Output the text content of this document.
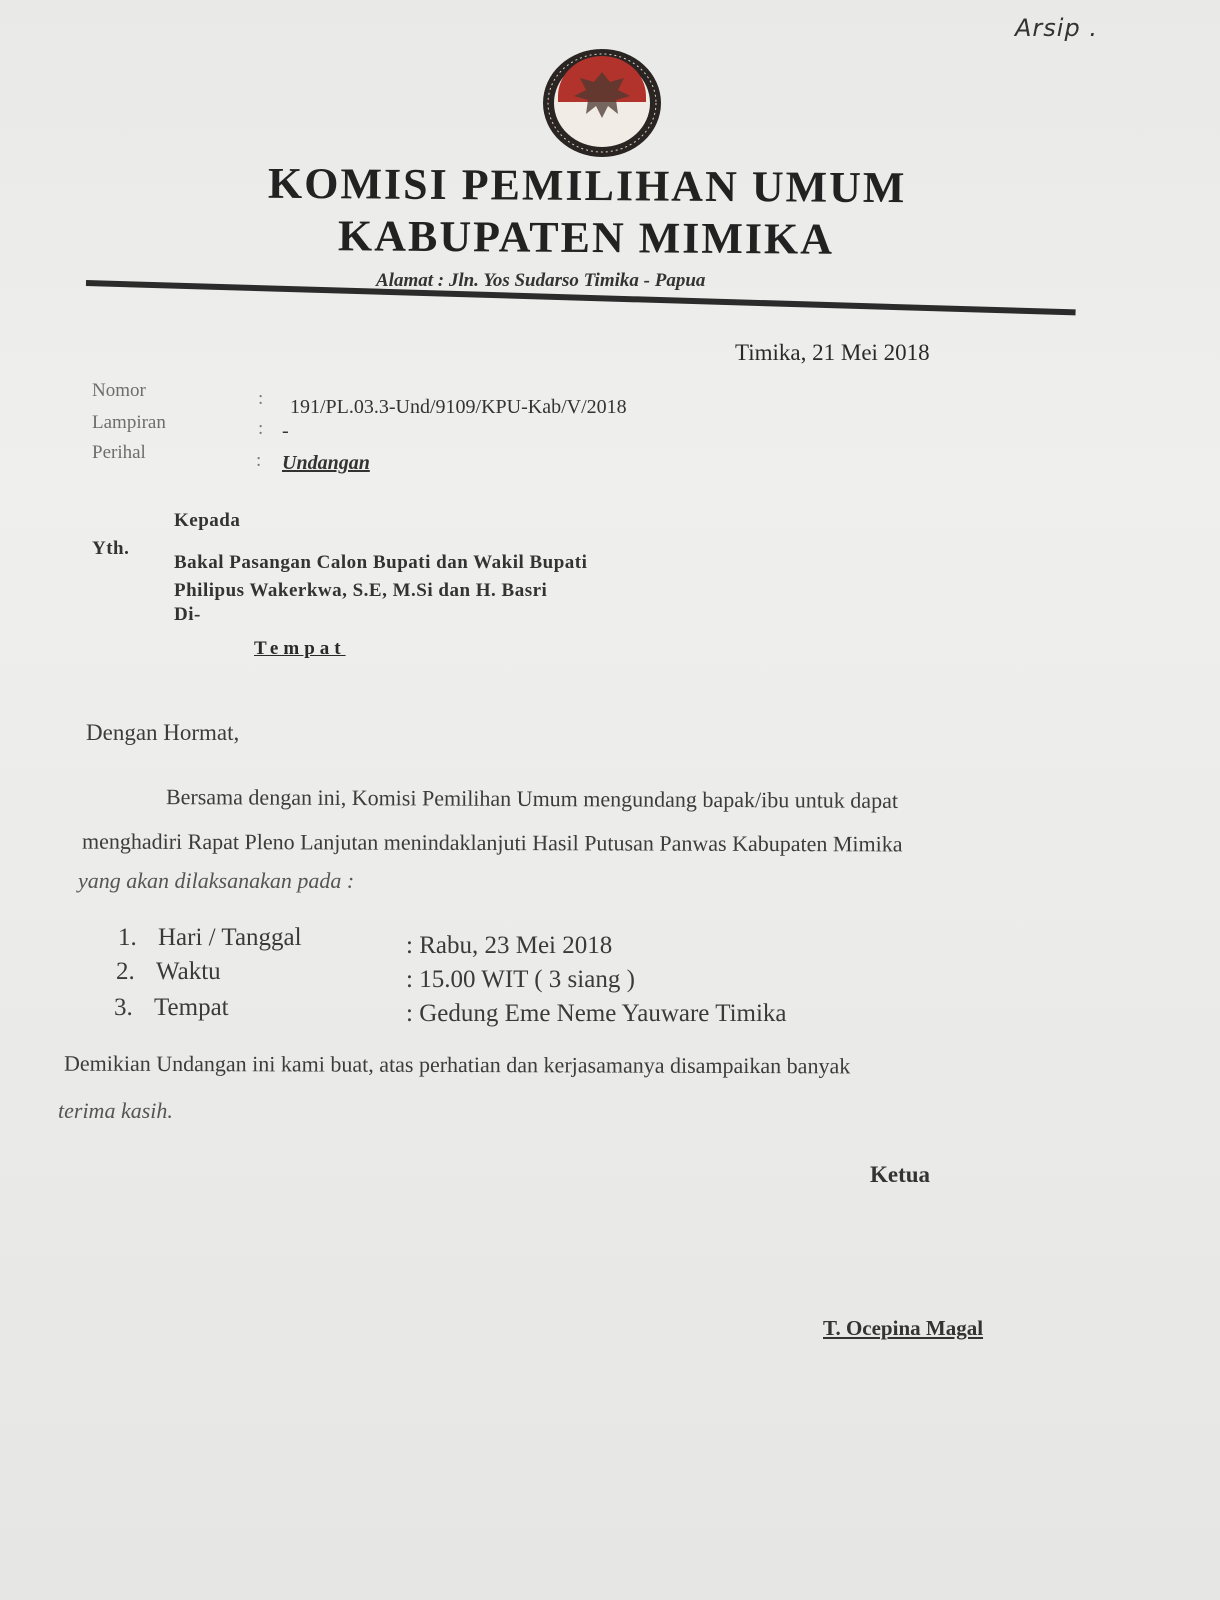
Arsip .
KOMISI PEMILIHAN UMUM
KABUPATEN MIMIKA
Alamat : Jln. Yos Sudarso Timika - Papua
Timika, 21 Mei 2018
Nomor	: 191/PL.03.3-Und/9109/KPU-Kab/V/2018
Lampiran	: -
Perihal	: Undangan
Kepada
Yth.
Bakal Pasangan Calon Bupati dan Wakil Bupati
Philipus Wakerkwa, S.E, M.Si dan H. Basri
Di-
Tempat
Dengan Hormat,
Bersama dengan ini, Komisi Pemilihan Umum mengundang bapak/ibu untuk dapat
menghadiri Rapat Pleno Lanjutan menindaklanjuti Hasil Putusan Panwas Kabupaten Mimika
yang akan dilaksanakan pada :
1. Hari / Tanggal	: Rabu, 23 Mei 2018
2. Waktu	: 15.00 WIT ( 3 siang )
3. Tempat	: Gedung Eme Neme Yauware Timika
Demikian Undangan ini kami buat, atas perhatian dan kerjasamanya disampaikan banyak
terima kasih.
Ketua
T. Ocepina Magal
